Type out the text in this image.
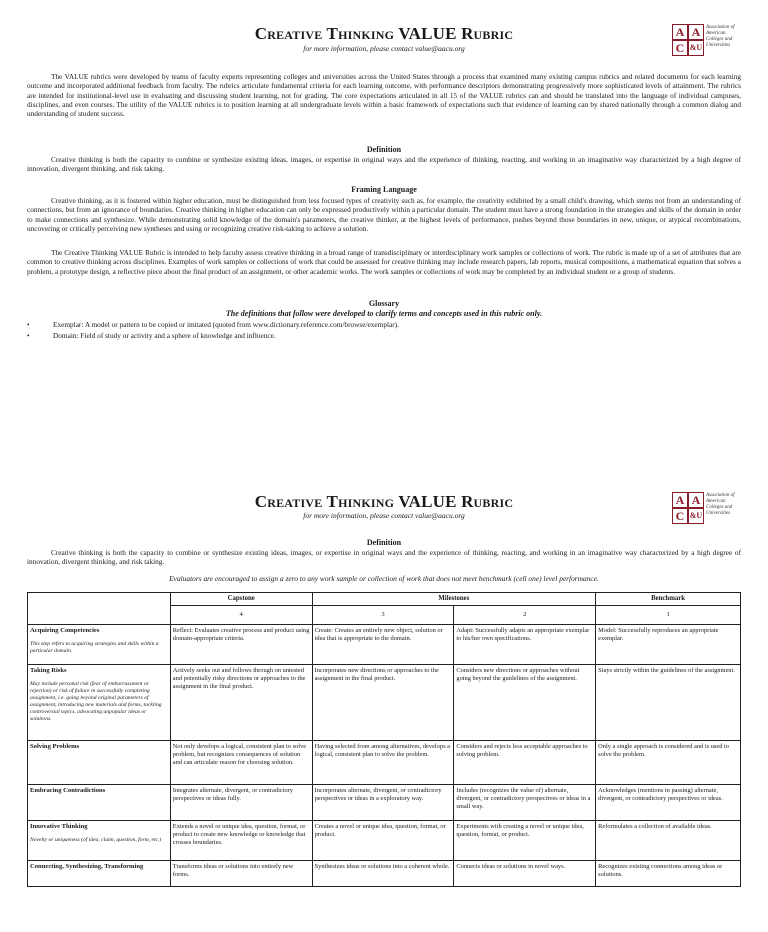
Creative Thinking VALUE Rubric
for more information, please contact value@aacu.org
A A
C &U
Association of American Colleges and Universities
The VALUE rubrics were developed by teams of faculty experts representing colleges and universities across the United States through a process that examined many existing campus rubrics and related documents for each learning outcome and incorporated additional feedback from faculty. The rubrics articulate fundamental criteria for each learning outcome, with performance descriptors demonstrating progressively more sophisticated levels of attainment. The rubrics are intended for institutional-level use in evaluating and discussing student learning, not for grading. The core expectations articulated in all 15 of the VALUE rubrics can and should be translated into the language of individual campuses, disciplines, and even courses. The utility of the VALUE rubrics is to position learning at all undergraduate levels within a basic framework of expectations such that evidence of learning can by shared nationally through a common dialog and understanding of student success.
Definition
Creative thinking is both the capacity to combine or synthesize existing ideas, images, or expertise in original ways and the experience of thinking, reacting, and working in an imaginative way characterized by a high degree of innovation, divergent thinking, and risk taking.
Framing Language
Creative thinking, as it is fostered within higher education, must be distinguished from less focused types of creativity such as, for example, the creativity exhibited by a small child's drawing, which stems not from an understanding of connections, but from an ignorance of boundaries. Creative thinking in higher education can only be expressed productively within a particular domain. The student must have a strong foundation in the strategies and skills of the domain in order to make connections and synthesize. While demonstrating solid knowledge of the domain's parameters, the creative thinker, at the highest levels of performance, pushes beyond those boundaries in new, unique, or atypical recombinations, uncovering or critically perceiving new syntheses and using or recognizing creative risk-taking to achieve a solution.
The Creative Thinking VALUE Rubric is intended to help faculty assess creative thinking in a broad range of transdisciplinary or interdisciplinary work samples or collections of work. The rubric is made up of a set of attributes that are common to creative thinking across disciplines. Examples of work samples or collections of work that could be assessed for creative thinking may include research papers, lab reports, musical compositions, a mathematical equation that solves a problem, a prototype design, a reflective piece about the final product of an assignment, or other academic works. The work samples or collections of work may be completed by an individual student or a group of students.
Glossary
The definitions that follow were developed to clarify terms and concepts used in this rubric only.
•	Exemplar: A model or pattern to be copied or imitated (quoted from www.dictionary.reference.com/browse/exemplar).
•	Domain: Field of study or activity and a sphere of knowledge and influence.
Creative Thinking VALUE Rubric
for more information, please contact value@aacu.org
A A
C &U
Association of American Colleges and Universities
Definition
Creative thinking is both the capacity to combine or synthesize existing ideas, images, or expertise in original ways and the experience of thinking, reacting, and working in an imaginative way characterized by a high degree of innovation, divergent thinking, and risk taking.
Evaluators are encouraged to assign a zero to any work sample or collection of work that does not meet benchmark (cell one) level performance.
	Capstone	Milestones		Benchmark
	4	3	2	1

Acquiring Competencies
This step refers to acquiring strategies and skills within a particular domain.	Reflect: Evaluates creative process and product using domain-appropriate criteria.	Create: Creates an entirely new object, solution or idea that is appropriate to the domain.	Adapt: Successfully adapts an appropriate exemplar to his/her own specifications.	Model: Successfully reproduces an appropriate exemplar.

Taking Risks
May include personal risk (fear of embarrassment or rejection) or risk of failure in successfully completing assignment, i.e. going beyond original parameters of assignment, introducing new materials and forms, tackling controversial topics, advocating unpopular ideas or solutions.	Actively seeks out and follows through on untested and potentially risky directions or approaches to the assignment in the final product.	Incorporates new directions or approaches to the assignment in the final product.	Considers new directions or approaches without going beyond the guidelines of the assignment.	Stays strictly within the guidelines of the assignment.

Solving Problems	Not only develops a logical, consistent plan to solve problem, but recognizes consequences of solution and can articulate reason for choosing solution.	Having selected from among alternatives, develops a logical, consistent plan to solve the problem.	Considers and rejects less acceptable approaches to solving problem.	Only a single approach is considered and is used to solve the problem.

Embracing Contradictions	Integrates alternate, divergent, or contradictory perspectives or ideas fully.	Incorporates alternate, divergent, or contradictory perspectives or ideas in a exploratory way.	Includes (recognizes the value of) alternate, divergent, or contradictory perspectives or ideas in a small way.	Acknowledges (mentions in passing) alternate, divergent, or contradictory perspectives or ideas.

Innovative Thinking
Novelty or uniqueness (of idea, claim, question, form, etc.)	Extends a novel or unique idea, question, format, or product to create new knowledge or knowledge that crosses boundaries.	Creates a novel or unique idea, question, format, or product.	Experiments with creating a novel or unique idea, question, format, or product.	Reformulates a collection of available ideas.

Connecting, Synthesizing, Transforming	Transforms ideas or solutions into entirely new forms.	Synthesizes ideas or solutions into a coherent whole.	Connects ideas or solutions in novel ways.	Recognizes existing connections among ideas or solutions.
